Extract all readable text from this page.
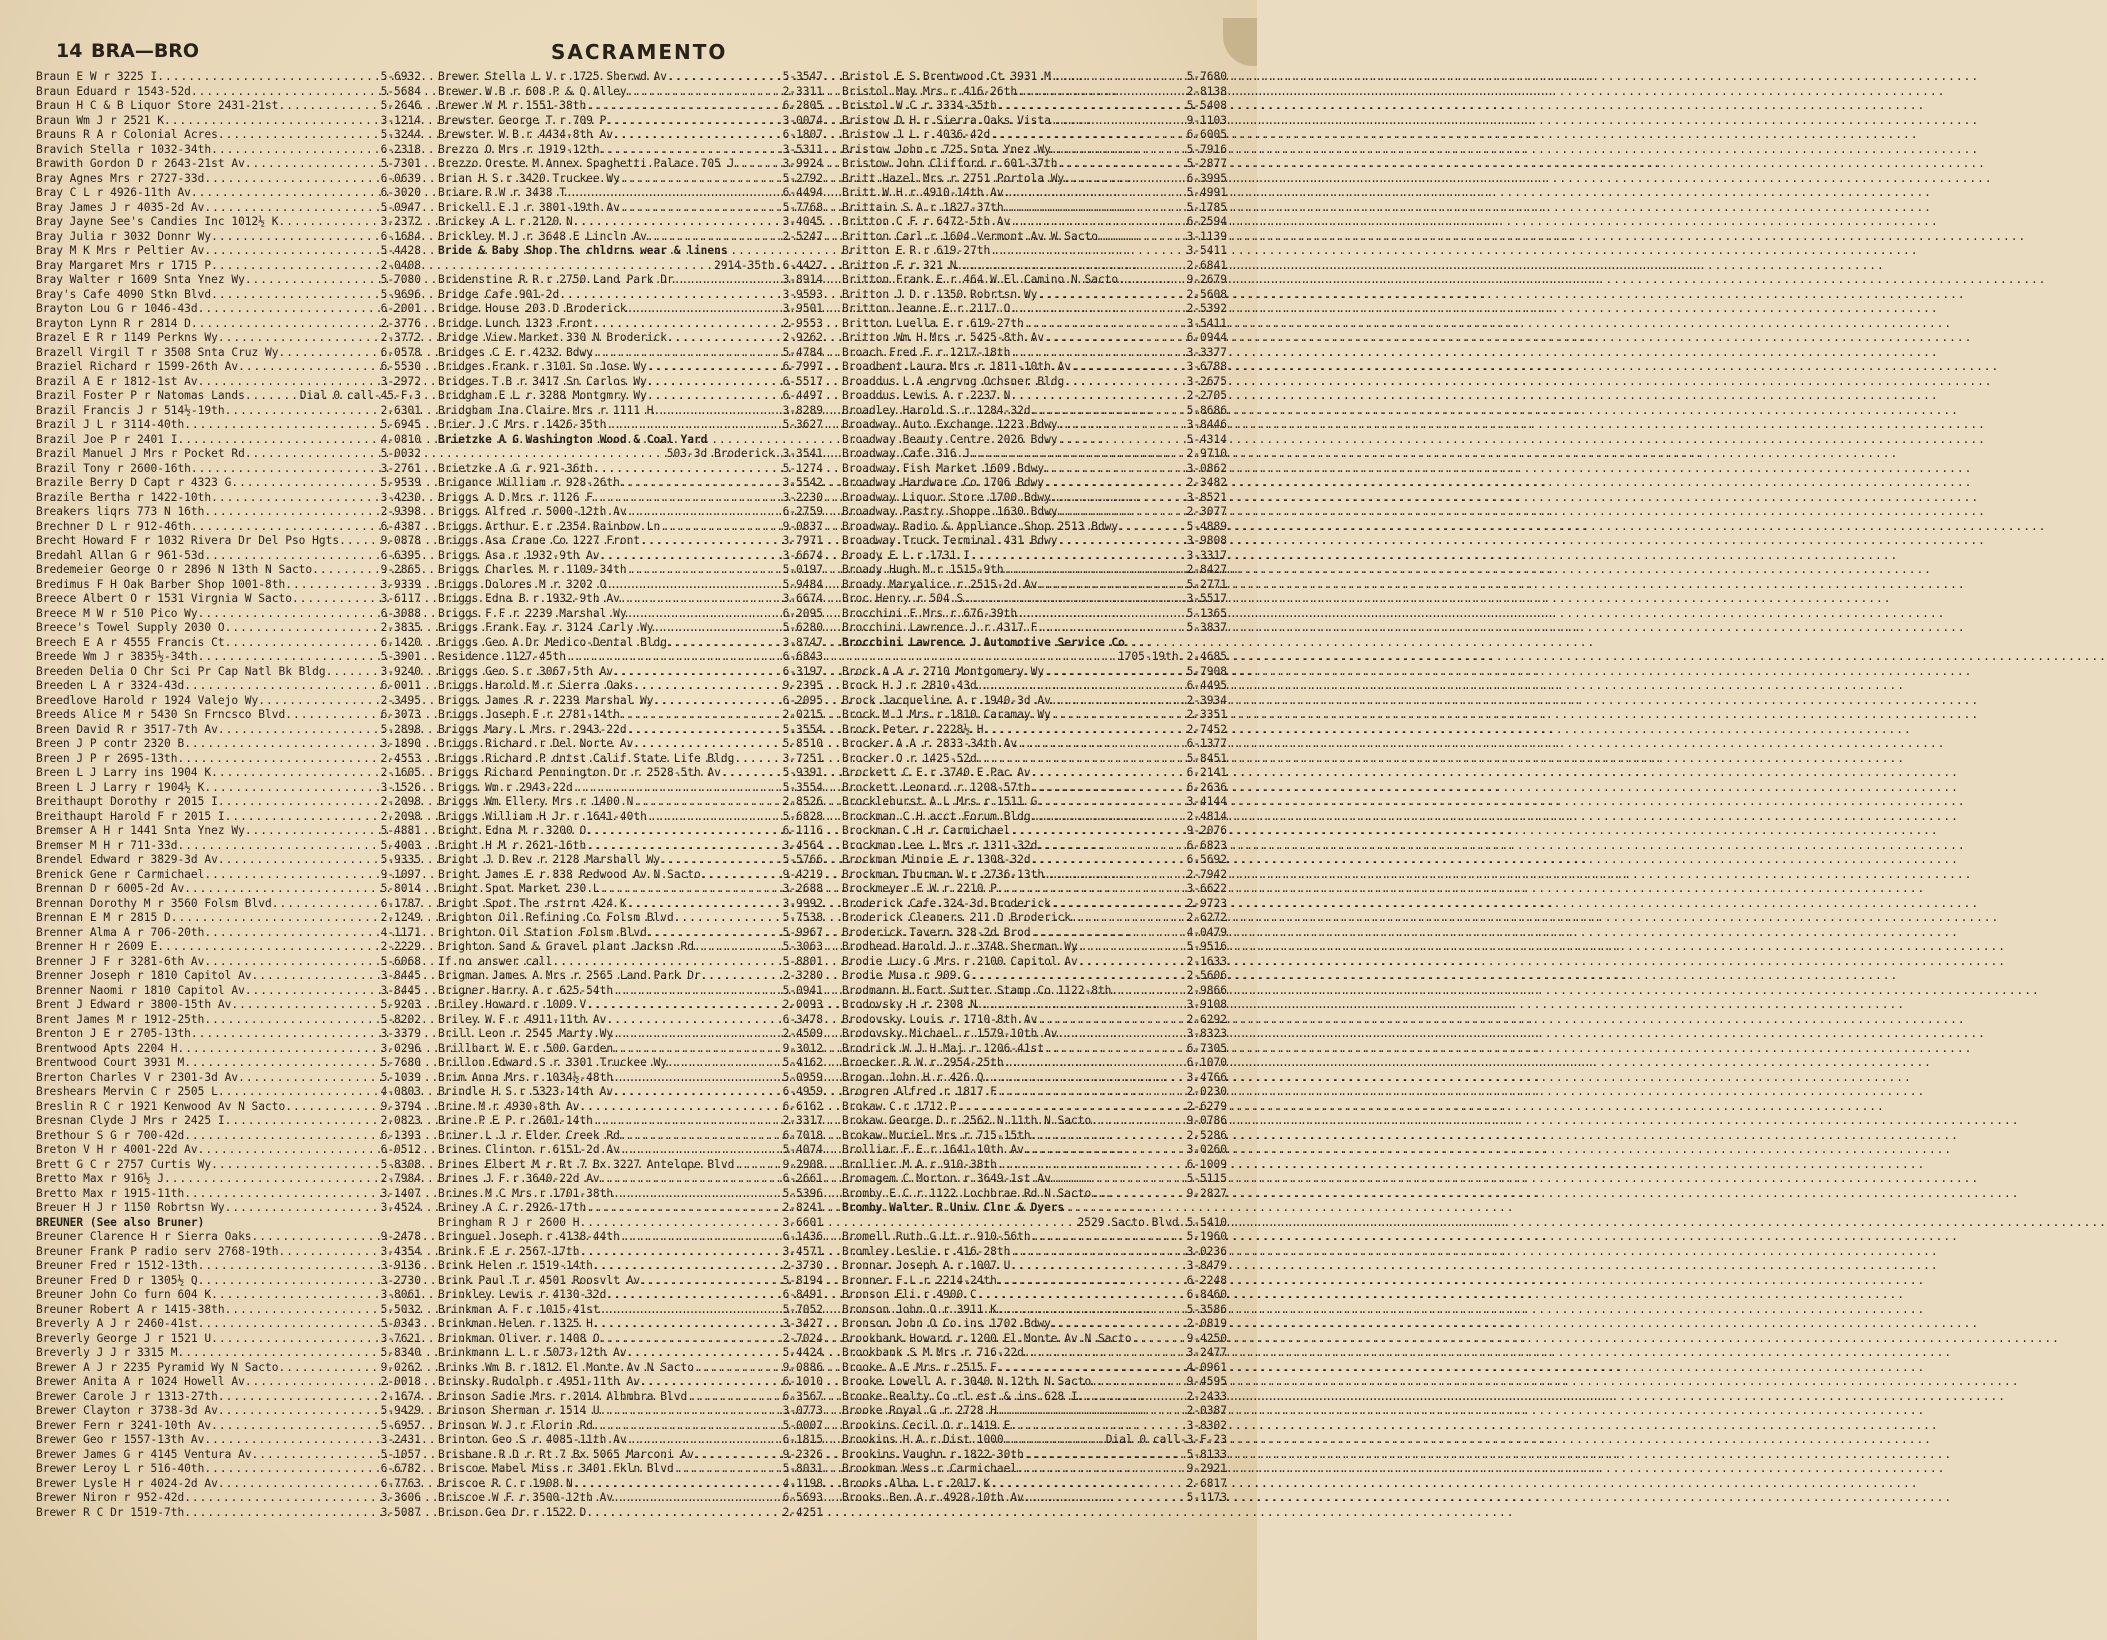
14 BRA—BRO	SACRAMENTO
Braun E W r 3225 I .....	5-6932
Braun Eduard r 1543-52d .....	5-5684
Braun H C & B Liquor Store 2431-21st .....	5-2646
Braun Wm J r 2521 K .....	3-1214
Brauns R A r Colonial Acres .....	5-3244
Bravich Stella r 1032-34th .....	6-2318
Brawith Gordon D r 2643-21st Av .....	5-7301
Bray Agnes Mrs r 2727-33d .....	6-0639
Bray C L r 4926-11th Av .....	6-3020
Bray James J r 4035-2d Av .....	5-0947
Bray Jayne See's Candies Inc 1012½ K .....	3-2372
Bray Julia r 3032 Donnr Wy .....	6-1684
Bray M K Mrs r Peltier Av .....	5-4428
Bray Margaret Mrs r 1715 P .....	2-0408
Bray Walter r 1609 Snta Ynez Wy .....	5-7080
Bray's Cafe 4090 Stkn Blvd .....	5-9696
Brayton Lou G r 1046-43d .....	6-2001
Brayton Lynn R r 2814 D .....	2-3776
Brazel E R r 1149 Perkns Wy .....	2-3772
Brazell Virgil T r 3508 Snta Cruz Wy .....	6-0578
Braziel Richard r 1599-26th Av .....	6-5530
Brazil A E r 1812-1st Av .....	3-2972
Brazil Foster P r Natomas Lands .....	Dial 0 call-45-F-3
Brazil Francis J r 514½-19th .....	2-6301
Brazil J L r 3114-40th .....	5-6945
Brazil Joe P r 2401 I .....	4-0810
Brazil Manuel J Mrs r Pocket Rd .....	5-0032
Brazil Tony r 2600-16th .....	3-2761
Brazile Berry D Capt r 4323 G .....	5-9539
Brazile Bertha r 1422-10th .....	3-4230
Breakers liqrs 773 N 16th .....	2-9398
Brechner D L r 912-46th .....	6-4387
Brecht Howard F r 1032 Rivera Dr Del Pso Hgts .....	9-0878
Bredahl Allan G r 961-53d .....	6-6395
Bredemeier George O r 2896 N 13th N Sacto .....	9-2865
Bredimus F H Oak Barber Shop 1001-8th .....	3-9339
Breece Albert O r 1531 Virgnia W Sacto .....	3-6117
Breece M W r 510 Pico Wy .....	6-3088
Breece's Towel Supply 2030 O .....	2-3835
Breech E A r 4555 Francis Ct .....	6-1420
Breede Wm J r 3835½-34th .....	5-3901
Breeden Delia O Chr Sci Pr Cap Natl Bk Bldg .....	3-9240
Breeden L A r 3324-43d .....	6-0011
Breedlove Harold r 1924 Valejo Wy .....	2-3495
Breeds Alice M r 5430 Sn Frncsco Blvd .....	6-3073
Breen David R r 3517-7th Av .....	5-2898
Breen J P contr 2320 B .....	3-1890
Breen J P r 2695-13th .....	2-4553
Breen L J Larry ins 1904 K .....	2-1605
Breen L J Larry r 1904½ K .....	3-1526
Breithaupt Dorothy r 2015 I .....	2-2098
Breithaupt Harold F r 2015 I .....	2-2098
Bremser A H r 1441 Snta Ynez Wy .....	5-4881
Bremser M H r 711-33d .....	5-4003
Brendel Edward r 3829-3d Av .....	5-9335
Brenick Gene r Carmichael .....	9-1097
Brennan D r 6005-2d Av .....	5-8014
Brennan Dorothy M r 3560 Folsm Blvd .....	6-1787
Brennan E M r 2815 D .....	2-1249
Brenner Alma A r 706-20th .....	4-1171
Brenner H r 2609 E .....	2-2229
Brenner J F r 3281-6th Av .....	5-6068
Brenner Joseph r 1810 Capitol Av .....	3-8445
Brenner Naomi r 1810 Capitol Av .....	3-8445
Brent J Edward r 3800-15th Av .....	5-9203
Brent James M r 1912-25th .....	5-8202
Brenton J E r 2705-13th .....	3-3379
Brentwood Apts 2204 H .....	3-0296
Brentwood Court 3931 M .....	5-7680
Brerton Charles V r 2301-3d Av .....	5-1039
Breshears Mervin C r 2505 L .....	4-0803
Breslin R C r 1921 Kenwood Av N Sacto .....	9-3794
Bresnan Clyde J Mrs r 2425 I .....	2-0823
Brethour S G r 700-42d .....	6-1393
Breton V H r 4001-22d Av .....	6-0512
Brett G C r 2757 Curtis Wy .....	5-8308
Bretto Max r 916½ J .....	2-7984
Bretto Max r 1915-11th .....	3-1407
Breuer H J r 1150 Robrtsn Wy .....	3-4524
BREUNER (See also Bruner)
Breuner Clarence H r Sierra Oaks .....	9-2478
Breuner Frank P radio serv 2768-19th .....	3-4354
Breuner Fred r 1512-13th .....	3-9136
Breuner Fred D r 1305½ Q .....	3-2730
Breuner John Co furn 604 K .....	3-8061
Breuner Robert A r 1415-38th .....	5-5032
Breverly A J r 2460-41st .....	5-0343
Breverly George J r 1521 U .....	3-7621
Breverly J J r 3315 M .....	5-8340
Brewer A J r 2235 Pyramid Wy N Sacto .....	9-0262
Brewer Anita A r 1024 Howell Av .....	2-0018
Brewer Carole J r 1313-27th .....	2-1674
Brewer Clayton r 3738-3d Av .....	5-9429
Brewer Fern r 3241-10th Av .....	5-6957
Brewer Geo r 1557-13th Av .....	3-2431
Brewer James G r 4145 Ventura Av .....	5-1057
Brewer Leroy L r 516-40th .....	6-6782
Brewer Lysle H r 4024-2d Av .....	6-7763
Brewer Niron r 952-42d .....	3-3606
Brewer R C Dr 1519-7th .....	3-5087
Brewer Stella L V r 1725 Sherwd Av .....	5-3547
Brewer W B r 608 P & Q Alley .....	2-3311
Brewer W M r 1551-38th .....	6-2805
Brewster George T r 709 P .....	3-0074
Brewster W B r 4434-8th Av .....	6-1807
Brezzo O Mrs r 1919-12th .....	3-5311
Brezzo Oreste M Annex Spaghetti Palace 705 J .....	3-9924
Brian H S r 3420 Truckee Wy .....	5-2792
Briare R W r 3438 T .....	6-4494
Brickell E J r 3801-19th Av .....	5-7768
Brickey A L r 2120 N .....	3-4045
Brickley M J r 3648 E Lincln Av .....	2-5247
Bride & Baby Shop The chldrns wear & linens
2914-35th ..... 6-4427
Bridenstine R R r 2750 Land Park Dr .....	3-8914
Bridge Cafe 901-2d .....	3-9593
Bridge House 203 D Broderick .....	3-9501
Bridge Lunch 1323 Front .....	2-9553
Bridge View Market 330 N Broderick .....	2-9262
Bridges C E r 4232 Bdwy .....	5-4784
Bridges Frank r 3101 Sn Jose Wy .....	6-7997
Bridges T B r 3417 Sn Carlos Wy .....	6-5517
Bridgham E L r 3288 Montgmry Wy .....	6-4497
Bridgham Ina Claire Mrs r 1111 H .....	3-8289
Brier J C Mrs r 1426-35th .....	5-3627
Brietzke A G Washington Wood & Coal Yard
503-3d Broderick ..... 3-3541
Brietzke A G r 921-36th .....	5-1274
Brigance William r 928-26th .....	3-5542
Briggs A D Mrs r 1126 F .....	3-2230
Briggs Alfred r 5000-12th Av .....	6-2759
Briggs Arthur E r 2354 Rainbow Ln .....	9-0837
Briggs Asa Crane Co 1227 Front .....	3-7971
Briggs Asa r 1932-9th Av .....	3-6674
Briggs Charles M r 1109-34th .....	5-0197
Briggs Dolores M r 3202 O .....	5-9484
Briggs Edna B r 1932-9th Av .....	3-6674
Briggs F F r 2239 Marshal Wy .....	6-2095
Briggs Frank Fay r 3124 Carly Wy .....	5-6280
Briggs Geo A Dr Medico-Dental Bldg .....	3-8747
Residence 1127-45th .....	6-6843
Briggs Geo S r 3067-5th Av .....	6-3197
Briggs Harold M r Sierra Oaks .....	9-2395
Briggs James R r 2239 Marshal Wy .....	6-2095
Briggs Joseph F r 2781-14th .....	2-0215
Briggs Mary L Mrs r 2943-22d .....	5-3554
Briggs Richard r Del Norte Av .....	5-8510
Briggs Richard P dntst Calif State Life Bldg .....	3-7251
Briggs Richard Pennington Dr r 2528-5th Av .....	5-9391
Briggs Wm r 2943-22d .....	5-3554
Briggs Wm Ellery Mrs r 1400 N .....	2-8526
Briggs William H Jr r 1641-40th .....	5-6828
Bright Edna M r 3200 O .....	6-1116
Bright H M r 2621-16th .....	3-4564
Bright J D Rev r 2128 Marshall Wy .....	5-5766
Bright James E r 838 Redwood Av N Sacto .....	9-4219
Bright Spot Market 230 L .....	3-2688
Bright Spot The rstrnt 424 K .....	3-9992
Brighton Oil Refining Co Folsm Blvd .....	5-7538
Brighton Oil Station Folsm Blvd .....	5-9967
Brighton Sand & Gravel plant Jacksn Rd .....	5-3063
If no answer call .....	5-8801
Brigman James A Mrs r 2565 Land Park Dr .....	2-3280
Brigner Harry A r 625-54th .....	5-0941
Briley Howard r 1009 V .....	2-0093
Briley W F r 4911-11th Av .....	6-3478
Brill Leon r 2545 Marty Wy .....	2-4509
Brillhart W E r 500 Garden .....	9-3012
Brillon Edward S r 3301 Truckee Wy .....	5-4162
Brim Anna Mrs r 1034½-48th .....	5-0959
Brindle H S r 5323-14th Av .....	6-4959
Brine M r 4930-8th Av .....	6-6162
Brine P E P r 2601-14th .....	2-3317
Briner L J r Elder Creek Rd .....	6-7018
Brines Clinton r 6151-2d Av .....	5-4074
Brines Elbert M r Rt 7 Bx 3227 Antelope Blvd .....	9-2908
Brines J F r 3640-22d Av .....	6-2661
Brines M C Mrs r 1701-38th .....	5-5396
Briney A C r 2926-17th .....	2-8241
Bringham R J r 2600 H .....	3-6601
Bringuel Joseph r 4138-44th .....	6-1436
Brink F E r 2567-17th .....	3-4571
Brink Helen r 1519-14th .....	2-3730
Brink Paul T r 4501 Roosvlt Av .....	5-8194
Brinkley Lewis r 4130-32d .....	6-8491
Brinkman A F r 1015-41st .....	5-7052
Brinkman Helen r 1325 H .....	3-3427
Brinkman Oliver r 1408 O .....	2-7024
Brinkmann L L r 5073-12th Av .....	5-4424
Brinks Wm B r 1812 El Monte Av N Sacto .....	9-0886
Brinsky Rudolph r 4951-11th Av .....	6-1010
Brinson Sadie Mrs r 2014 Alhmbra Blvd .....	6-3567
Brinson Sherman r 1514 U .....	3-0773
Brinson W J r Florin Rd .....	5-0007
Brinton Geo S r 4085-11th Av .....	6-1815
Brisbane R D r Rt 7 Bx 5065 Marconi Av .....	9-2326
Briscoe Mabel Miss r 3401 Fkln Blvd .....	5-8031
Briscoe R C r 1908 N .....	4-1198
Briscoe W F r 3500-12th Av .....	6-5693
Brison Geo Dr r 1522 D .....	2-4251
Bristol E S Brentwood Ct 3931 M .....	5-7680
Bristol May Mrs r 416-26th .....	2-8138
Bristol W C r 3334-35th .....	5-5408
Bristow D H r Sierra Oaks Vista .....	9-1103
Bristow J L r 4036-42d .....	6-6005
Bristow John r 725 Snta Ynez Wy .....	5-7916
Bristow John Clifford r 601-37th .....	5-2877
Britt Hazel Mrs r 2751 Portola Wy .....	6-3995
Britt W H r 4910-14th Av .....	5-4991
Brittain S A r 1827-37th .....	5-1785
Britton C F r 6472-5th Av .....	6-2594
Britton Carl r 1604 Vermont Av W Sacto .....	3-1139
Britton E R r 619-27th .....	3-5411
Britton F r 321 N .....	2-6841
Britton Frank E r 464 W El Camino N Sacto .....	9-2679
Britton J D r 1350 Robrtsn Wy .....	2-5608
Britton Jeanne E r 2117 O .....	2-5392
Britton Luella E r 619-27th .....	3-5411
Britton Wm H Mrs r 5425-8th Av .....	6-0944
Broach Fred F r 1217-18th .....	3-3377
Broadbent Laura Mrs r 1811-10th Av .....	3-6788
Broaddus L A engrvng Ochsner Bldg .....	3-2675
Broaddus Lewis A r 2237 N .....	2-2705
Broadley Harold S r 1284-32d .....	5-8686
Broadway Auto Exchange 1223 Bdwy .....	3-8446
Broadway Beauty Centre 2026 Bdwy .....	5-4314
Broadway Cafe 316 J .....	2-9710
Broadway Fish Market 1609 Bdwy .....	3-0862
Broadway Hardware Co 1706 Bdwy .....	2-3482
Broadway Liquor Store 1700 Bdwy .....	3-8521
Broadway Pastry Shoppe 1630 Bdwy .....	2-3077
Broadway Radio & Appliance Shop 2513 Bdwy .....	5-4889
Broadway Truck Terminal 431 Bdwy .....	3-9808
Broady E L r 1731 I .....	3-3317
Broady Hugh M r 1515-9th .....	2-8427
Broady Maryalice r 2515-2d Av .....	5-2771
Broc Henry r 504 S .....	3-5517
Brocchini F Mrs r 676-39th .....	5-1365
Brocchini Lawrence J r 4317 F .....	5-3837
Brocchini Lawrence J Automotive Service Co
1705-19th ..... 2-4685
Brock A A r 2710 Montgomery Wy .....	5-7908
Brock H J r 2810-43d .....	6-4495
Brock Jacqueline A r 1940-3d Av .....	2-3934
Brock M J Mrs r 1810 Caramay Wy .....	2-3351
Brock Peter r 2228½ H .....	2-7452
Brocker A A r 2833-34th Av .....	6-1377
Brocker O r 1425-52d .....	5-8451
Brockett C E r 3740 E Pac Av .....	6-2141
Brockett Leonard r 1208-57th .....	6-2636
Brocklehurst A L Mrs r 1511 G .....	3-4144
Brockman C H acct Forum Bldg .....	2-4814
Brockman C H r Carmichael .....	9-2076
Brockman Lee L Mrs r 1311-32d .....	6-6823
Brockman Minnie E r 1308-32d .....	6-5692
Brockman Thurman W r 2736-13th .....	2-7942
Brockmeyer F W r 2210 P .....	3-6622
Broderick Cafe 324-3d Broderick .....	2-9723
Broderick Cleaners 211 D Broderick .....	2-6272
Broderick Tavern 328-2d Brod .....	4-0479
Brodhead Harold J r 3748 Sherman Wy .....	5-9516
Brodie Lucy G Mrs r 2100 Capitol Av .....	2-1633
Brodie Musa r 909 G .....	2-5606
Brodmann H Fort Sutter Stamp Co 1122-8th .....	2-9866
Brodovsky H r 2308 N .....	3-9108
Brodovsky Louis r 1710-8th Av .....	2-6292
Brodovsky Michael r 1579-10th Av .....	3-8323
Brodrick W J H Maj r 1206-41st .....	6-7305
Broecker R W r 2954-25th .....	6-1070
Brogan John H r 426 Q .....	3-4766
Brogren Alfred r 1817 F .....	2-0230
Brokaw C r 1712 P .....	2-6279
Brokaw George D r 2562 N 11th N Sacto .....	9-0786
Brokaw Muriel Mrs r 715-15th .....	2-5286
Brolliar F E r 1641-10th Av .....	3-0260
Brollier M A r 910-38th .....	6-1009
Bromagem C Morton r 3649-1st Av .....	5-5115
Bromby E C r 1122 Lochbrae Rd N Sacto .....	9-2827
Bromby Walter R Univ Clnr & Dyers
2529 Sacto Blvd ..... 5-5410
Bromell Ruth G Lt r 910-56th .....	5-1960
Bromley Leslie r 416-28th .....	3-0236
Bronnar Joseph A r 1007 U .....	3-8479
Bronner F L r 2214-24th .....	6-2248
Bronson Eli r 4900 C .....	6-8460
Bronson John O r 3911 K .....	5-3586
Bronson John O Co ins 1702 Bdwy .....	2-0819
Brookbank Howard r 1200 El Monte Av N Sacto .....	9-4250
Brookbank S M Mrs r 716-22d .....	3-2477
Brooke A E Mrs r 2515 F .....	4-0961
Brooke Lowell A r 3040 N 12th N Sacto .....	9-4595
Brooke Realty Co rl est & ins 628 I .....	2-2433
Brooke Royal G r 2728 H .....	2-0387
Brookins Cecil O r 1419 E .....	3-8302
Brookins H A r Dist 1000 .....	Dial 0 call-3-F-23
Brookins Vaughn r 1822-30th .....	5-8133
Brookman Wess r Carmichael .....	9-2921
Brooks Alba L r 2017 K .....	2-6817
Brooks Ben A r 4928-10th Av .....	5-1173
